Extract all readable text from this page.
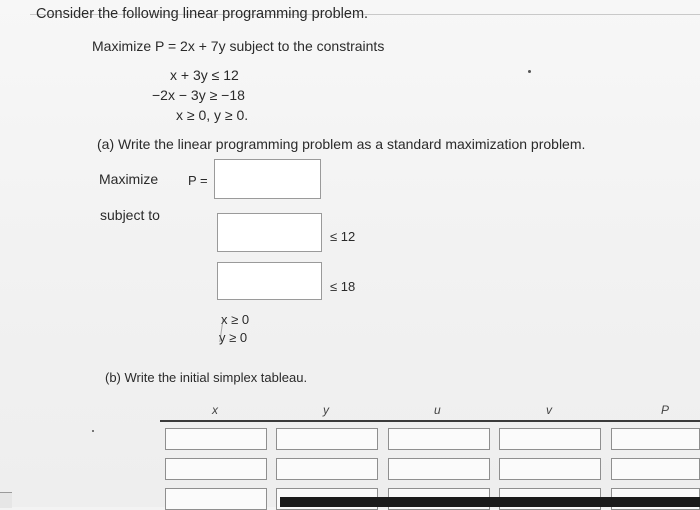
Consider the following linear programming problem.
Maximize P = 2x + 7y subject to the constraints
x + 3y ≤ 12
−2x − 3y ≥ −18
x ≥ 0, y ≥ 0.
(a) Write the linear programming problem as a standard maximization problem.
Maximize P =
subject to
≤ 12
≤ 18
x ≥ 0
y ≥ 0
(b) Write the initial simplex tableau.
x	y	u	v	P
